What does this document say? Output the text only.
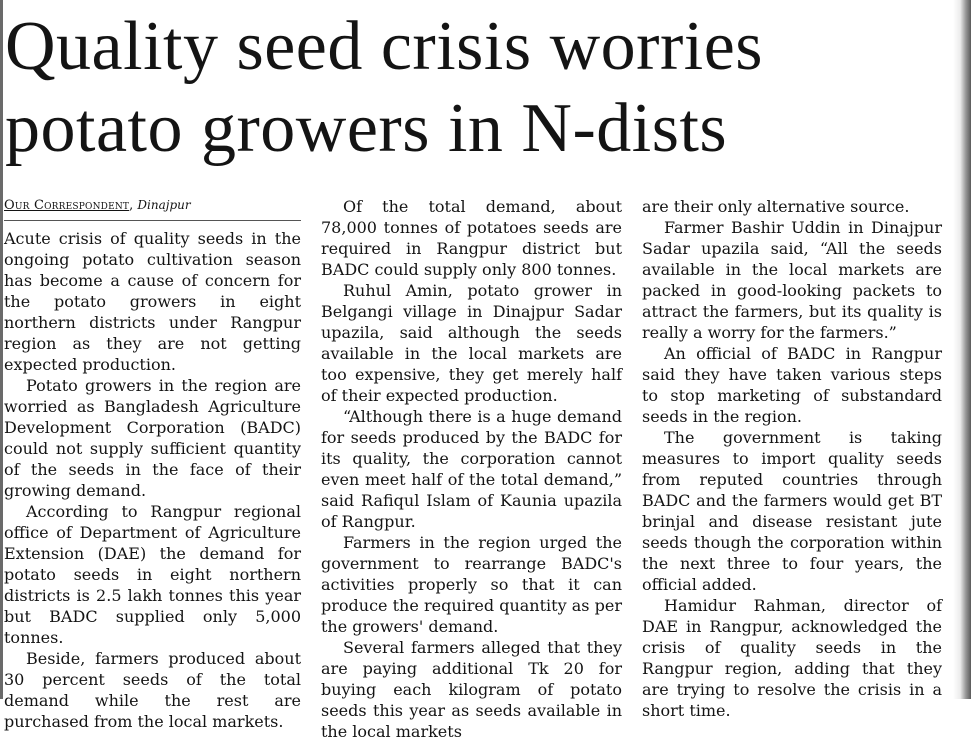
Quality seed crisis worries potato growers in N-dists
Our Correspondent, Dinajpur

Acute crisis of quality seeds in the ongoing potato cultivation season has become a cause of concern for the potato growers in eight northern districts under Rangpur region as they are not getting expected production.

Potato growers in the region are worried as Bangladesh Agriculture Development Corporation (BADC) could not supply sufficient quantity of the seeds in the face of their growing demand.

According to Rangpur regional office of Department of Agriculture Extension (DAE) the demand for potato seeds in eight northern districts is 2.5 lakh tonnes this year but BADC supplied only 5,000 tonnes.

Beside, farmers produced about 30 percent seeds of the total demand while the rest are purchased from the local markets.

Of the total demand, about 78,000 tonnes of potatoes seeds are required in Rangpur district but BADC could supply only 800 tonnes.

Ruhul Amin, potato grower in Belgangi village in Dinajpur Sadar upazila, said although the seeds available in the local markets are too expensive, they get merely half of their expected production.

“Although there is a huge demand for seeds produced by the BADC for its quality, the corporation cannot even meet half of the total demand,” said Rafiqul Islam of Kaunia upazila of Rangpur.

Farmers in the region urged the government to rearrange BADC's activities properly so that it can produce the required quantity as per the growers' demand.

Several farmers alleged that they are paying additional Tk 20 for buying each kilogram of potato seeds this year as seeds available in the local markets

are their only alternative source.

Farmer Bashir Uddin in Dinajpur Sadar upazila said, “All the seeds available in the local markets are packed in good-looking packets to attract the farmers, but its quality is really a worry for the farmers.”

An official of BADC in Rangpur said they have taken various steps to stop marketing of substandard seeds in the region.

The government is taking measures to import quality seeds from reputed countries through BADC and the farmers would get BT brinjal and disease resistant jute seeds though the corporation within the next three to four years, the official added.

Hamidur Rahman, director of DAE in Rangpur, acknowledged the crisis of quality seeds in the Rangpur region, adding that they are trying to resolve the crisis in a short time.
